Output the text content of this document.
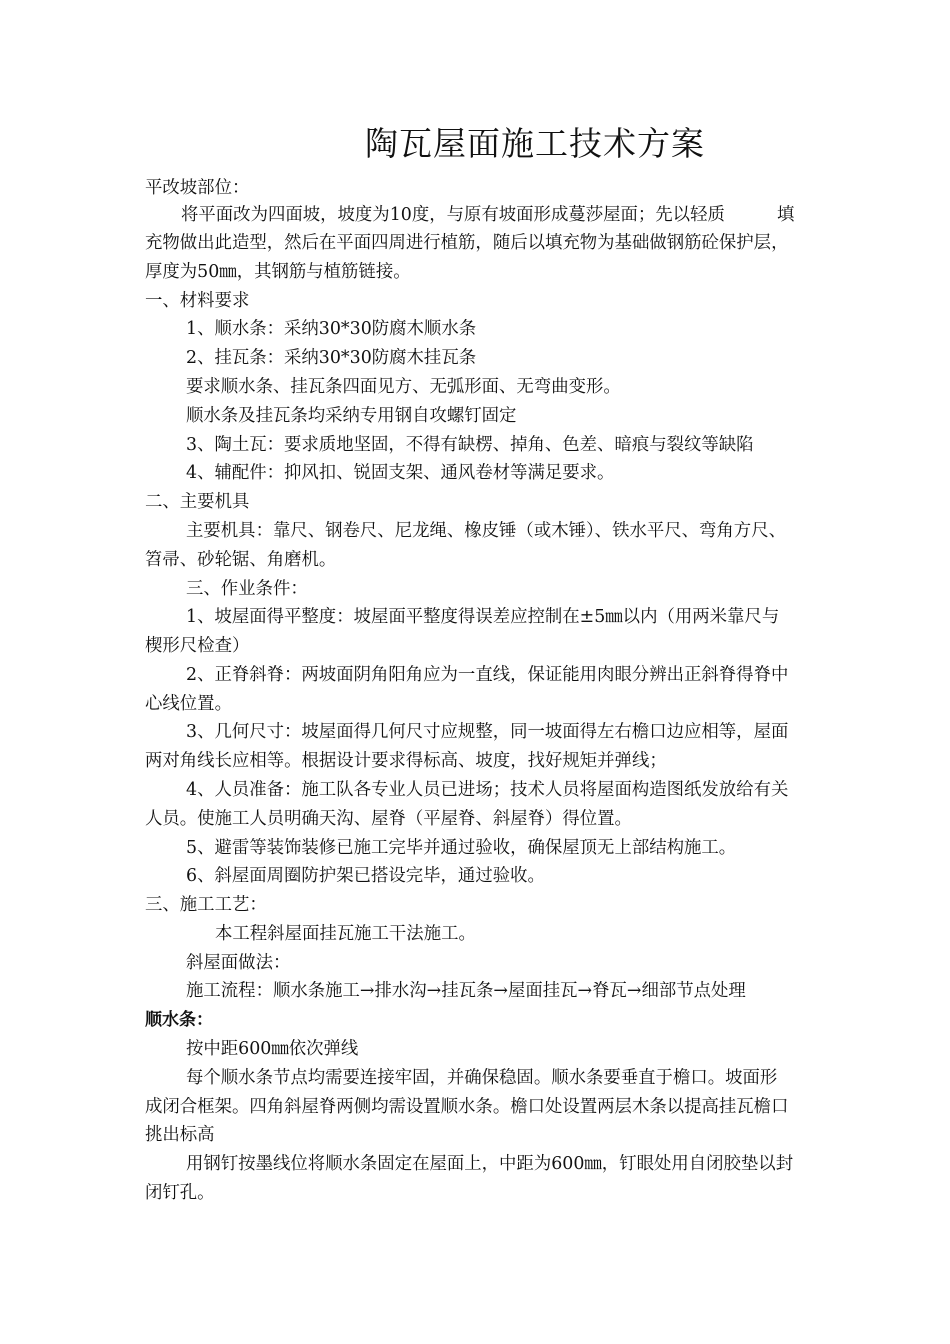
陶瓦屋面施工技术方案
平改坡部位：
将平面改为四面坡，坡度为10度，与原有坡面形成蔓莎屋面；先以轻质　　　填
充物做出此造型，然后在平面四周进行植筋，随后以填充物为基础做钢筋砼保护层，
厚度为50㎜，其钢筋与植筋链接。
一、材料要求
1、顺水条：采纳30*30防腐木顺水条
2、挂瓦条：采纳30*30防腐木挂瓦条
要求顺水条、挂瓦条四面见方、无弧形面、无弯曲变形。
顺水条及挂瓦条均采纳专用钢自攻螺钉固定
3、陶土瓦：要求质地坚固，不得有缺楞、掉角、色差、暗痕与裂纹等缺陷
4、辅配件：抑风扣、锐固支架、通风卷材等满足要求。
二、主要机具
主要机具：靠尺、钢卷尺、尼龙绳、橡皮锤（或木锤）、铁水平尺、弯角方尺、
笤帚、砂轮锯、角磨机。
三、作业条件：
1、坡屋面得平整度：坡屋面平整度得误差应控制在±5㎜以内（用两米靠尺与
楔形尺检查）
2、正脊斜脊：两坡面阴角阳角应为一直线，保证能用肉眼分辨出正斜脊得脊中
心线位置。
3、几何尺寸：坡屋面得几何尺寸应规整，同一坡面得左右檐口边应相等，屋面
两对角线长应相等。根据设计要求得标高、坡度，找好规矩并弹线；
4、人员准备：施工队各专业人员已进场；技术人员将屋面构造图纸发放给有关
人员。使施工人员明确天沟、屋脊（平屋脊、斜屋脊）得位置。
5、避雷等装饰装修已施工完毕并通过验收，确保屋顶无上部结构施工。
6、斜屋面周圈防护架已搭设完毕，通过验收。
三、施工工艺：
本工程斜屋面挂瓦施工干法施工。
斜屋面做法：
施工流程：顺水条施工→排水沟→挂瓦条→屋面挂瓦→脊瓦→细部节点处理
顺水条：
按中距600㎜依次弹线
每个顺水条节点均需要连接牢固，并确保稳固。顺水条要垂直于檐口。坡面形
成闭合框架。四角斜屋脊两侧均需设置顺水条。檐口处设置两层木条以提高挂瓦檐口
挑出标高
用钢钉按墨线位将顺水条固定在屋面上，中距为600㎜，钉眼处用自闭胶垫以封
闭钉孔。
